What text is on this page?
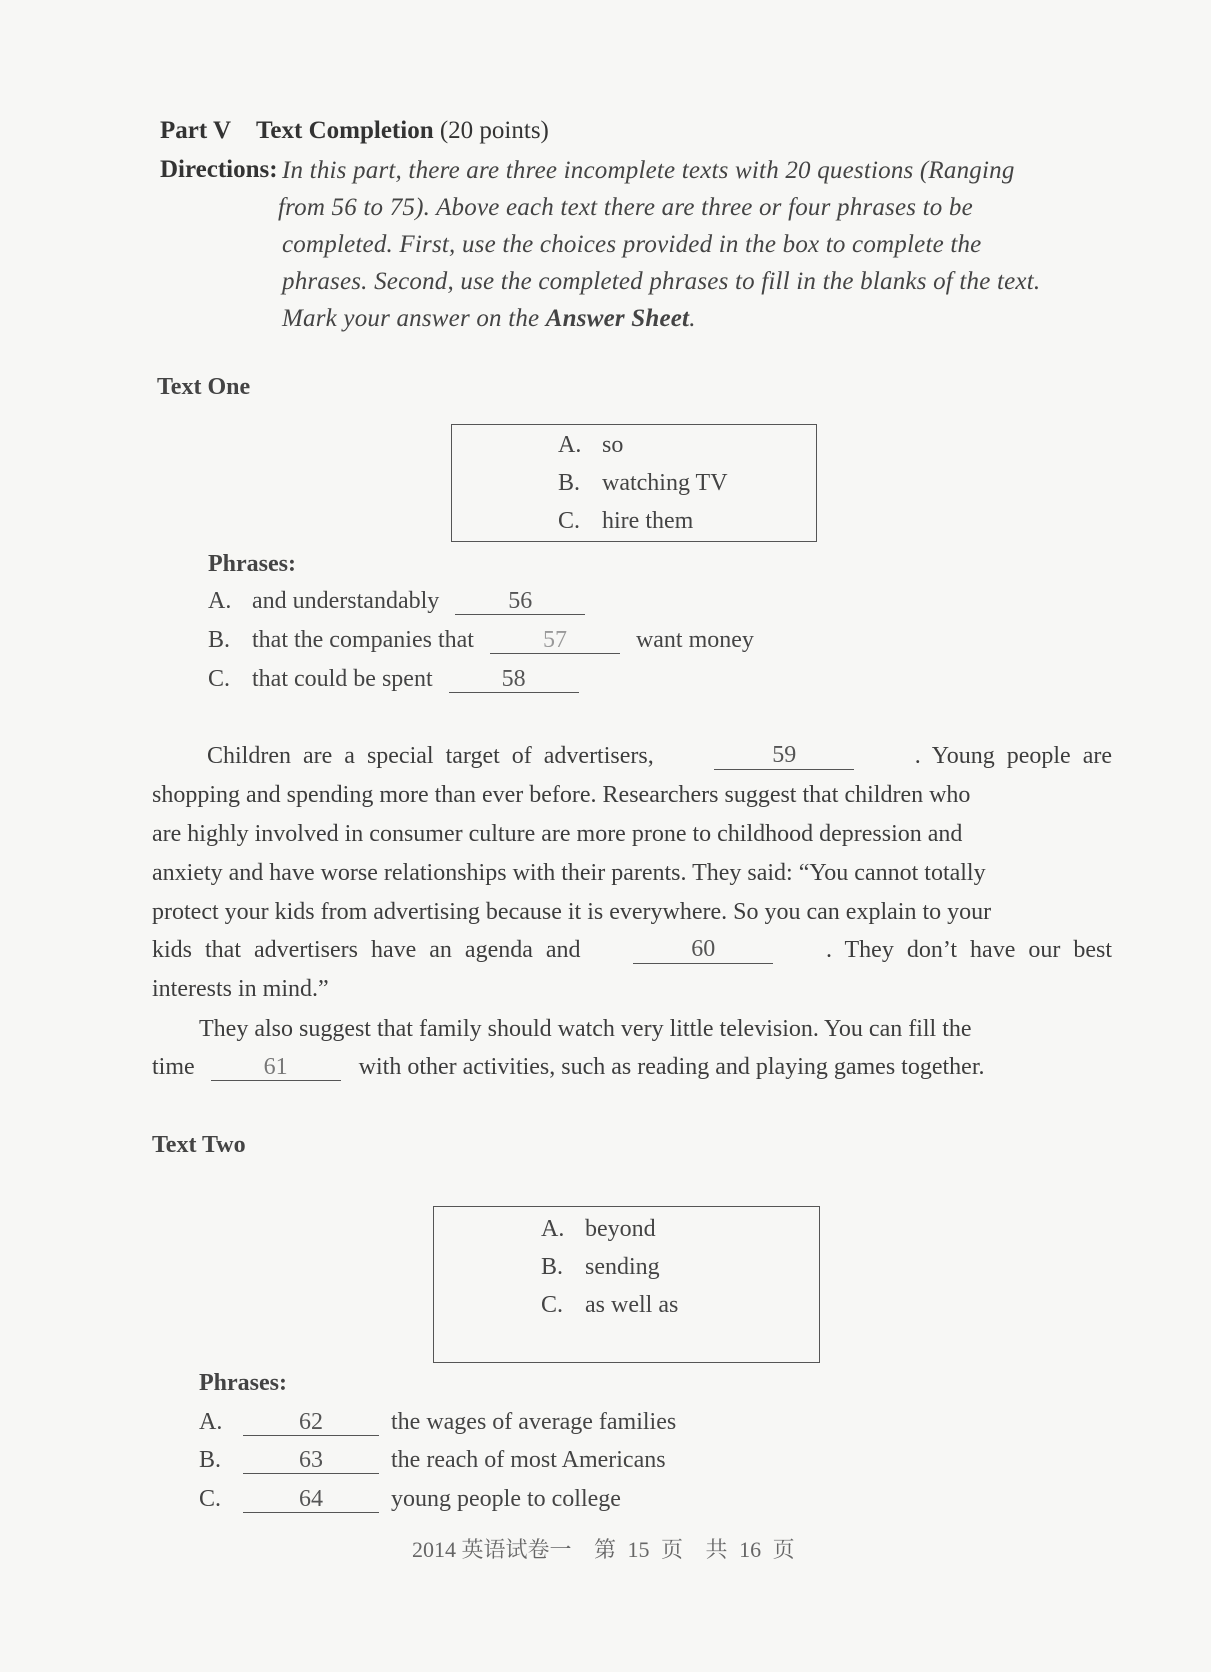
Part V Text Completion (20 points)
Directions: In this part, there are three incomplete texts with 20 questions (Ranging
from 56 to 75). Above each text there are three or four phrases to be
completed. First, use the choices provided in the box to complete the
phrases. Second, use the completed phrases to fill in the blanks of the text.
Mark your answer on the Answer Sheet.
Text One
A. so
B. watching TV
C. hire them
Phrases:
A. and understandably	56
B. that the companies that	57	want money
C. that could be spent	58
Children are a special target of advertisers,	59	. Young people are
shopping and spending more than ever before. Researchers suggest that children who
are highly involved in consumer culture are more prone to childhood depression and
anxiety and have worse relationships with their parents. They said: “You cannot totally
protect your kids from advertising because it is everywhere. So you can explain to your
kids that advertisers have an agenda and	60	. They don’t have our best
interests in mind.”
They also suggest that family should watch very little television. You can fill the
time	61	with other activities, such as reading and playing games together.
Text Two
A. beyond
B. sending
C. as well as
Phrases:
A.	62	the wages of average families
B.	63	the reach of most Americans
C.	64	young people to college
2014 英语试卷一 第 15 页 共 16 页
